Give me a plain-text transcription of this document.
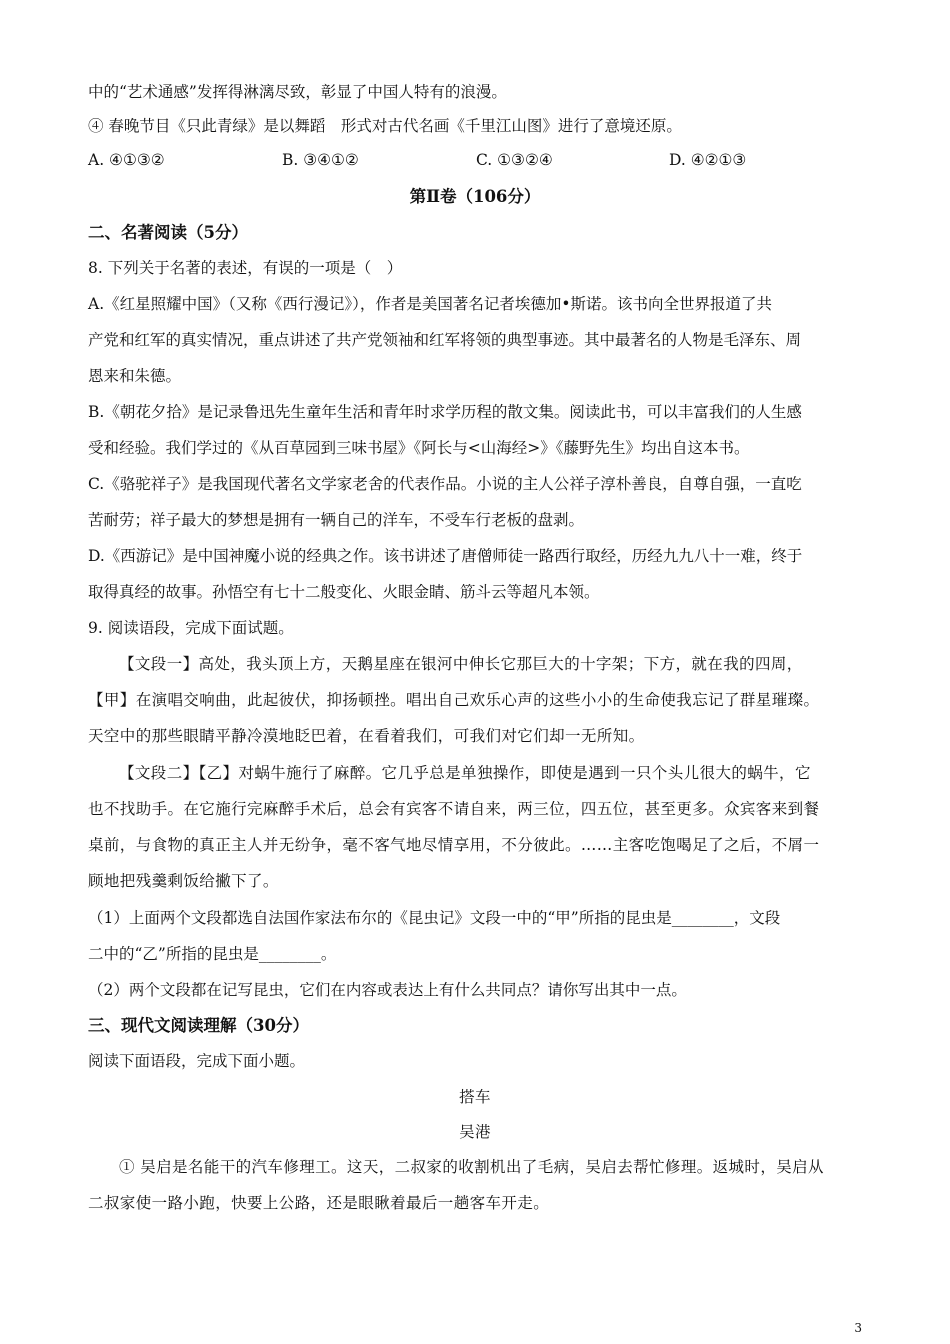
中的“艺术通感”发挥得淋漓尽致，彰显了中国人特有的浪漫。
④ 春晚节目《只此青绿》是以舞蹈　形式对古代名画《千里江山图》进行了意境还原。
A. ④①③②	B. ③④①②	C. ①③②④	D. ④②①③
第Ⅱ卷（106分）
二、名著阅读（5分）
8. 下列关于名著的表述，有误的一项是（　）
A.《红星照耀中国》（又称《西行漫记》），作者是美国著名记者埃德加•斯诺。该书向全世界报道了共
产党和红军的真实情况，重点讲述了共产党领袖和红军将领的典型事迹。其中最著名的人物是毛泽东、周
恩来和朱德。
B.《朝花夕拾》是记录鲁迅先生童年生活和青年时求学历程的散文集。阅读此书，可以丰富我们的人生感
受和经验。我们学过的《从百草园到三味书屋》《阿长与<山海经>》《藤野先生》均出自这本书。
C.《骆驼祥子》是我国现代著名文学家老舍的代表作品。小说的主人公祥子淳朴善良，自尊自强，一直吃
苦耐劳；祥子最大的梦想是拥有一辆自己的洋车，不受车行老板的盘剥。
D.《西游记》是中国神魔小说的经典之作。该书讲述了唐僧师徒一路西行取经，历经九九八十一难，终于
取得真经的故事。孙悟空有七十二般变化、火眼金睛、筋斗云等超凡本领。
9. 阅读语段，完成下面试题。
【文段一】高处，我头顶上方，天鹅星座在银河中伸长它那巨大的十字架；下方，就在我的四周，
【甲】在演唱交响曲，此起彼伏，抑扬顿挫。唱出自己欢乐心声的这些小小的生命使我忘记了群星璀璨。
天空中的那些眼睛平静冷漠地眨巴着，在看着我们，可我们对它们却一无所知。
【文段二】【乙】对蜗牛施行了麻醉。它几乎总是单独操作，即使是遇到一只个头儿很大的蜗牛，它
也不找助手。在它施行完麻醉手术后，总会有宾客不请自来，两三位，四五位，甚至更多。众宾客来到餐
桌前，与食物的真正主人并无纷争，毫不客气地尽情享用，不分彼此。……主客吃饱喝足了之后，不屑一
顾地把残羹剩饭给撇下了。
（1）上面两个文段都选自法国作家法布尔的《昆虫记》文段一中的“甲”所指的昆虫是________，文段
二中的“乙”所指的昆虫是________。
（2）两个文段都在记写昆虫，它们在内容或表达上有什么共同点？请你写出其中一点。
三、现代文阅读理解（30分）
阅读下面语段，完成下面小题。
搭车
吴港
① 吴启是名能干的汽车修理工。这天，二叔家的收割机出了毛病，吴启去帮忙修理。返城时，吴启从
二叔家使一路小跑，快要上公路，还是眼瞅着最后一趟客车开走。
3
